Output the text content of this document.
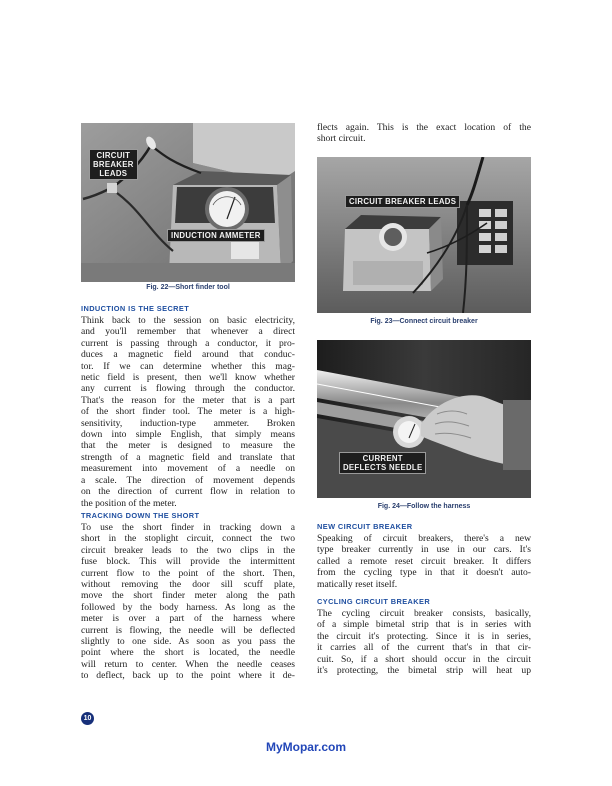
CIRCUIT
BREAKER
LEADS
INDUCTION AMMETER
Fig. 22—Short finder tool
INDUCTION IS THE SECRET
Think back to the session on basic electricity,
and you'll remember that whenever a direct
current is passing through a conductor, it pro-
duces a magnetic field around that conduc-
tor. If we can determine whether this mag-
netic field is present, then we'll know whether
any current is flowing through the conductor.
That's the reason for the meter that is a part
of the short finder tool. The meter is a high-
sensitivity, induction-type ammeter. Broken
down into simple English, that simply means
that the meter is designed to measure the
strength of a magnetic field and translate that
measurement into movement of a needle on
a scale. The direction of movement depends
on the direction of current flow in relation to
the position of the meter.
TRACKING DOWN THE SHORT
To use the short finder in tracking down a
short in the stoplight circuit, connect the two
circuit breaker leads to the two clips in the
fuse block. This will provide the intermittent
current flow to the point of the short. Then,
without removing the door sill scuff plate,
move the short finder meter along the path
followed by the body harness. As long as the
meter is over a part of the harness where
current is flowing, the needle will be deflected
slightly to one side. As soon as you pass the
point where the short is located, the needle
will return to center. When the needle ceases
to deflect, back up to the point where it de-
flects again. This is the exact location of the
short circuit.
CIRCUIT BREAKER LEADS
Fig. 23—Connect circuit breaker
CURRENT
DEFLECTS NEEDLE
Fig. 24—Follow the harness
NEW CIRCUIT BREAKER
Speaking of circuit breakers, there's a new
type breaker currently in use in our cars. It's
called a remote reset circuit breaker. It differs
from the cycling type in that it doesn't auto-
matically reset itself.
CYCLING CIRCUIT BREAKER
The cycling circuit breaker consists, basically,
of a simple bimetal strip that is in series with
the circuit it's protecting. Since it is in series,
it carries all of the current that's in that cir-
cuit. So, if a short should occur in the circuit
it's protecting, the bimetal strip will heat up
10
MyMopar.com
